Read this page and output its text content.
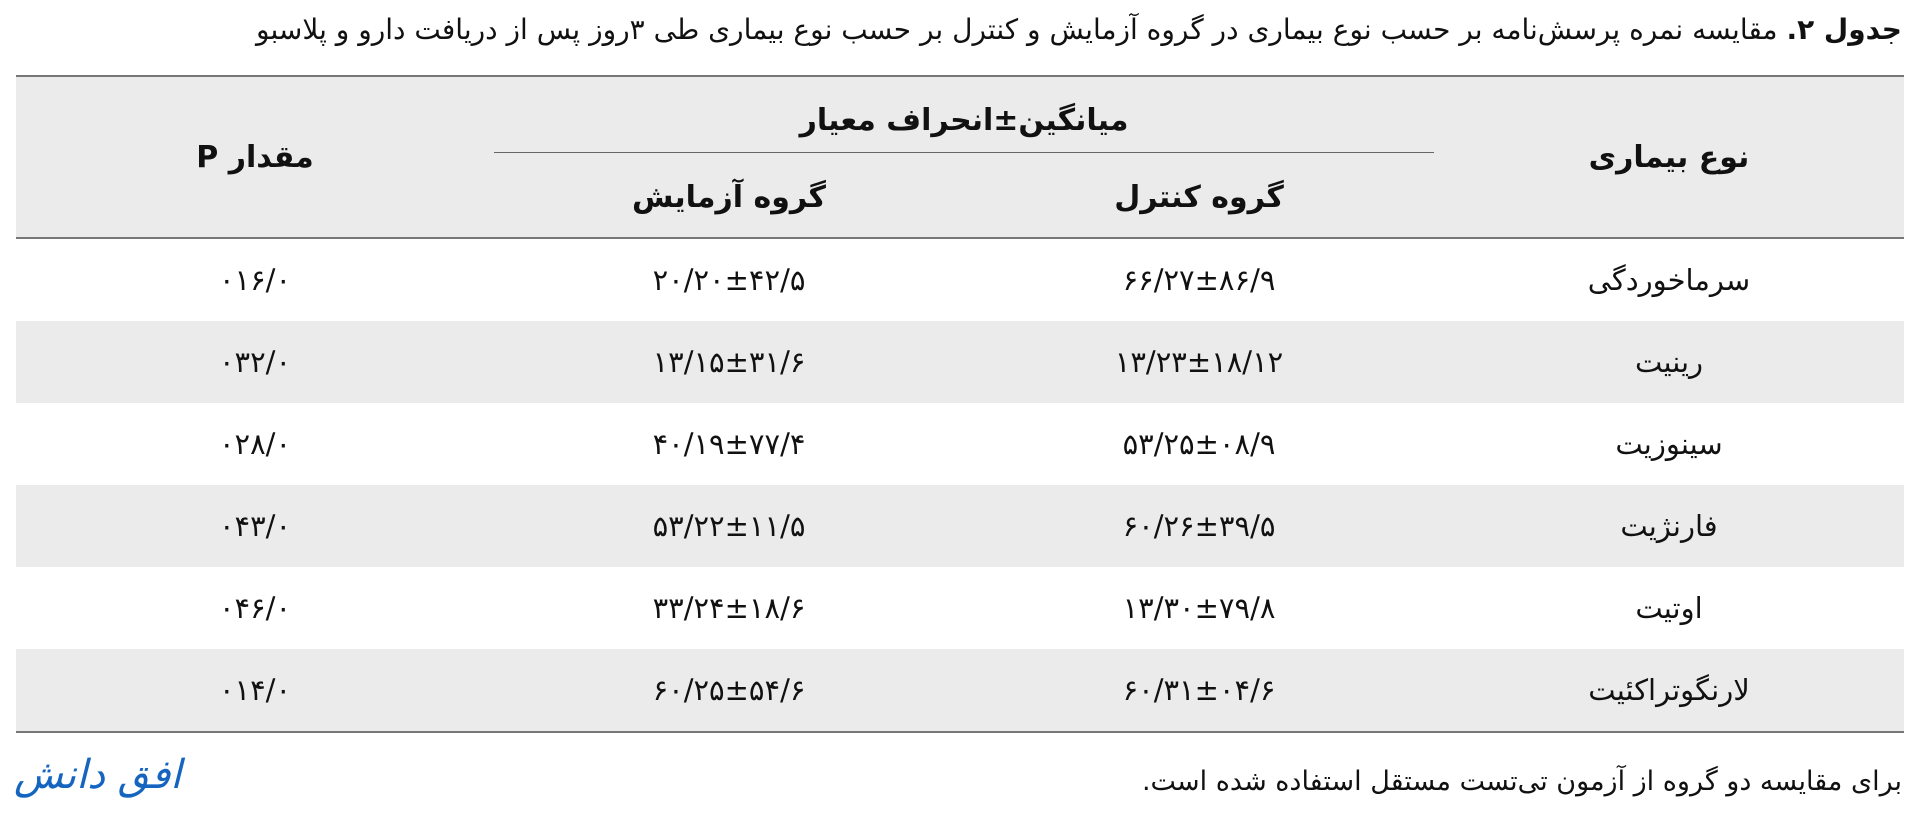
جدول ۲. مقایسه نمره پرسش‌نامه بر حسب نوع بیماری در گروه آزمایش و کنترل بر حسب نوع بیماری طی ۳روز پس از دریافت دارو و پلاسبو
نوع بیماری	میانگین±انحراف معیار		مقدار P
	گروه کنترل	گروه آزمایش	
سرماخوردگی	۶۶/۲۷±۸۶/۹	۲۰/۲۰±۴۲/۵	۰۱۶/۰
رینیت	۱۳/۲۳±۱۸/۱۲	۱۳/۱۵±۳۱/۶	۰۳۲/۰
سینوزیت	۵۳/۲۵±۰۸/۹	۴۰/۱۹±۷۷/۴	۰۲۸/۰
فارنژیت	۶۰/۲۶±۳۹/۵	۵۳/۲۲±۱۱/۵	۰۴۳/۰
اوتیت	۱۳/۳۰±۷۹/۸	۳۳/۲۴±۱۸/۶	۰۴۶/۰
لارنگوتراکئیت	۶۰/۳۱±۰۴/۶	۶۰/۲۵±۵۴/۶	۰۱۴/۰
برای مقایسه دو گروه از آزمون تی‌تست مستقل استفاده شده است.
افق دانش
